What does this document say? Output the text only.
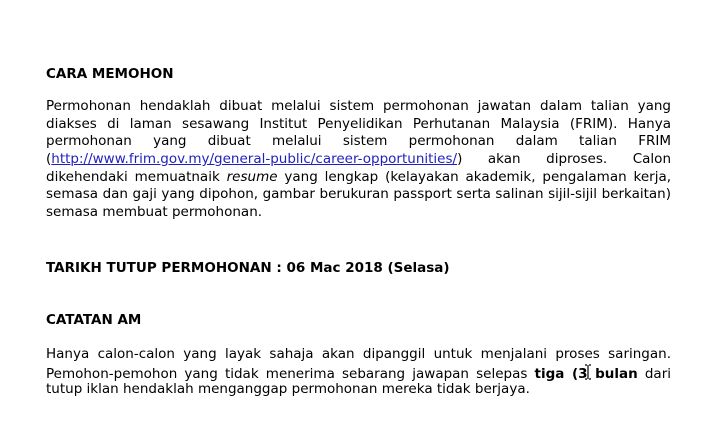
CARA MEMOHON
Permohonan hendaklah dibuat melalui sistem permohonan jawatan dalam talian yang
diakses di laman sesawang Institut Penyelidikan Perhutanan Malaysia (FRIM). Hanya
permohonan yang dibuat melalui sistem permohonan dalam talian FRIM
(http://www.frim.gov.my/general-public/career-opportunities/) akan diproses. Calon
dikehendaki memuatnaik resume yang lengkap (kelayakan akademik, pengalaman kerja,
semasa dan gaji yang dipohon, gambar berukuran passport serta salinan sijil-sijil berkaitan)
semasa membuat permohonan.
TARIKH TUTUP PERMOHONAN : 06 Mac 2018 (Selasa)
CATATAN AM
Hanya calon-calon yang layak sahaja akan dipanggil untuk menjalani proses saringan.
Pemohon-pemohon yang tidak menerima sebarang jawapan selepas tiga (3
bulan dari
tutup iklan hendaklah menganggap permohonan mereka tidak berjaya.
